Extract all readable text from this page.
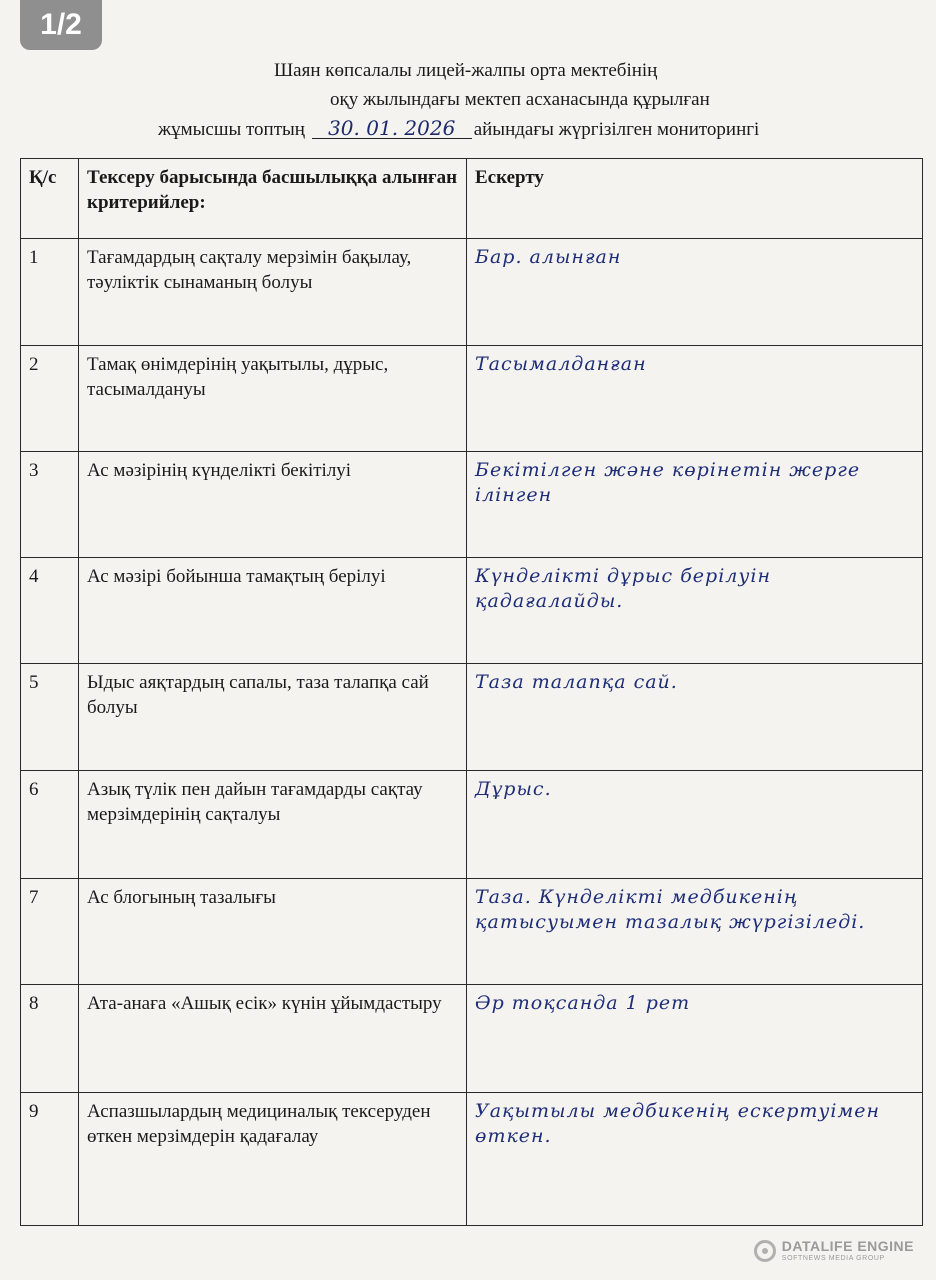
1/2
Шаян көпсалалы лицей-жалпы орта мектебінің
оқу жылындағы мектеп асханасында құрылған
жұмысшы топтың 30. 01. 2026 айындағы жүргізілген мониторингі
Қ/с	Тексеру барысында басшылыққа алынған критерийлер:	Ескерту
1	Тағамдардың сақталу мерзімін бақылау, тәуліктік сынаманың болуы	Бар. алынған
2	Тамақ өнімдерінің уақытылы, дұрыс, тасымалдануы	Тасымалданған
3	Ас мәзірінің күнделікті бекітілуі	Бекітілген және көрінетін жерге ілінген
4	Ас мәзірі бойынша тамақтың берілуі	Күнделікті дұрыс берілуін қадағалайды.
5	Ыдыс аяқтардың сапалы, таза талапқа сай болуы	Таза талапқа сай.
6	Азық түлік пен дайын тағамдарды сақтау мерзімдерінің сақталуы	Дұрыс.
7	Ас блогының тазалығы	Таза. Күнделікті медбикенің қатысуымен тазалық жүргізіледі.
8	Ата-анаға «Ашық есік» күнін ұйымдастыру	Әр тоқсанда 1 рет
9	Аспазшылардың медициналық тексеруден өткен мерзімдерін қадағалау	Уақытылы медбикенің ескертуімен өткен.
DATALIFE ENGINE
SOFTNEWS MEDIA GROUP
